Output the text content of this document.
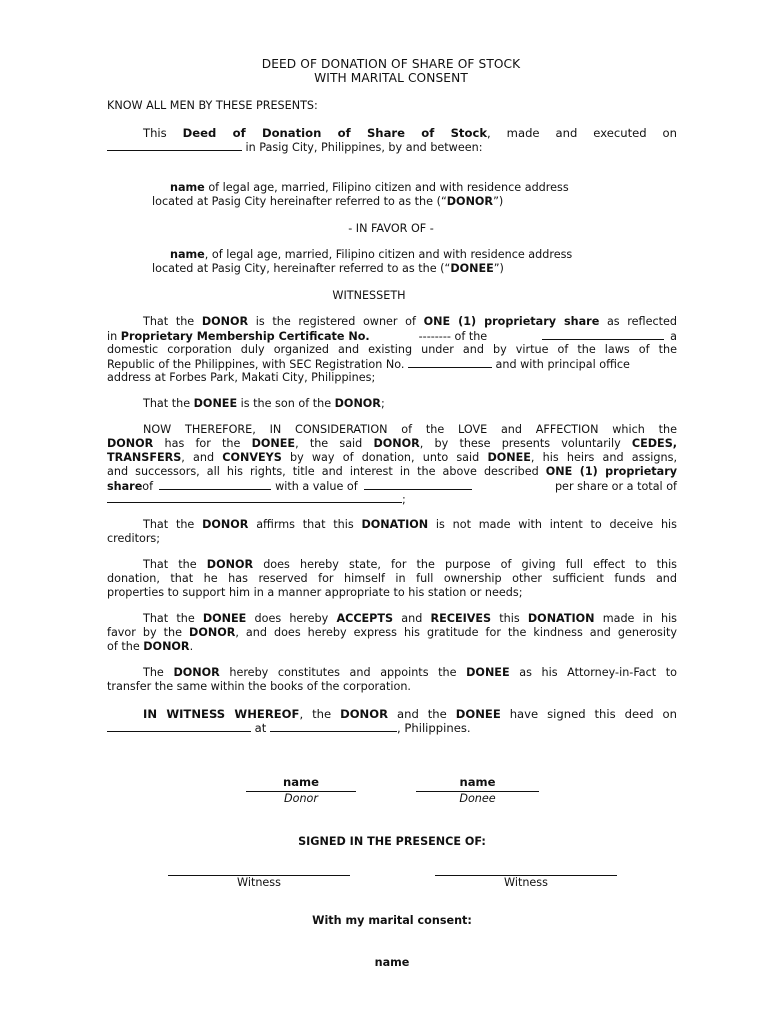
DEED OF DONATION OF SHARE OF STOCK
WITH MARITAL CONSENT
KNOW ALL MEN BY THESE PRESENTS:
This Deed of Donation of Share of Stock, made and executed on
in Pasig City, Philippines, by and between:
name of legal age, married, Filipino citizen and with residence address
located at Pasig City hereinafter referred to as the (“DONOR”)
- IN FAVOR OF -
name, of legal age, married, Filipino citizen and with residence address
located at Pasig City, hereinafter referred to as the (“DONEE”)
WITNESSETH
That the DONOR is the registered owner of ONE (1) proprietary share as reflected
in
Proprietary Membership Certificate No.	-------- of the	a
domestic corporation duly organized and existing under and by virtue of the laws of the
Republic of the Philippines, with SEC Registration No.	and with principal office
address at Forbes Park, Makati City, Philippines;
That the DONEE is the son of the DONOR;
NOW THEREFORE, IN CONSIDERATION of the LOVE and AFFECTION which the
DONOR has for the DONEE, the said DONOR, by these presents voluntarily CEDES,
TRANSFERS, and CONVEYS by way of donation, unto said DONEE, his heirs and assigns,
and successors, all his rights, title and interest in the above described ONE (1) proprietary
share of	with a value of	per share or a total of
;
That the DONOR affirms that this DONATION is not made with intent to deceive his
creditors;
That the DONOR does hereby state, for the purpose of giving full effect to this
donation, that he has reserved for himself in full ownership other sufficient funds and
properties to support him in a manner appropriate to his station or needs;
That the DONEE does hereby ACCEPTS and RECEIVES this DONATION made in his
favor by the DONOR, and does hereby express his gratitude for the kindness and generosity
of the DONOR.
The DONOR hereby constitutes and appoints the DONEE as his Attorney-in-Fact to
transfer the same within the books of the corporation.
IN WITNESS WHEREOF, the DONOR and the DONEE have signed this deed on
at	, Philippines.
name
Donor
name
Donee
SIGNED IN THE PRESENCE OF:
Witness	Witness
With my marital consent:
name
